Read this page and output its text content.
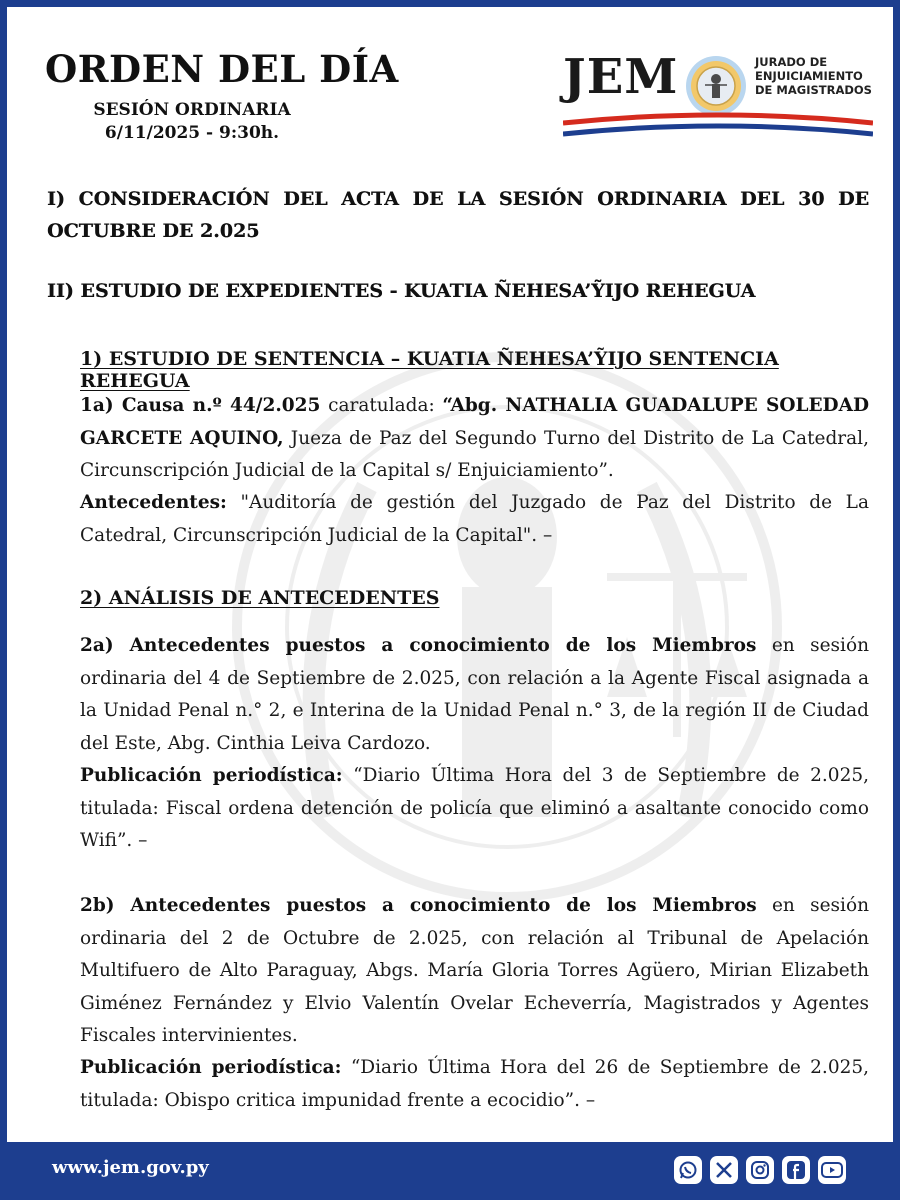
ORDEN DEL DÍA
SESIÓN ORDINARIA
6/11/2025 - 9:30h.
JEM	JURADO DE
ENJUICIAMIENTO
DE MAGISTRADOS
I) CONSIDERACIÓN DEL ACTA DE LA SESIÓN ORDINARIA DEL 30 DE OCTUBRE DE 2.025
II) ESTUDIO DE EXPEDIENTES - KUATIA ÑEHESA’ỸIJO REHEGUA
1) ESTUDIO DE SENTENCIA – KUATIA ÑEHESA’ỸIJO SENTENCIA REHEGUA
1a) Causa n.º 44/2.025 caratulada: “Abg. NATHALIA GUADALUPE SOLEDAD GARCETE AQUINO, Jueza de Paz del Segundo Turno del Distrito de La Catedral, Circunscripción Judicial de la Capital s/ Enjuiciamiento”.
Antecedentes: "Auditoría de gestión del Juzgado de Paz del Distrito de La Catedral, Circunscripción Judicial de la Capital". –
2) ANÁLISIS DE ANTECEDENTES
2a) Antecedentes puestos a conocimiento de los Miembros en sesión ordinaria del 4 de Septiembre de 2.025, con relación a la Agente Fiscal asignada a la Unidad Penal n.° 2, e Interina de la Unidad Penal n.° 3, de la región II de Ciudad del Este, Abg. Cinthia Leiva Cardozo.
Publicación periodística: “Diario Última Hora del 3 de Septiembre de 2.025, titulada: Fiscal ordena detención de policía que eliminó a asaltante conocido como Wifi”. –
2b) Antecedentes puestos a conocimiento de los Miembros en sesión ordinaria del 2 de Octubre de 2.025, con relación al Tribunal de Apelación Multifuero de Alto Paraguay, Abgs. María Gloria Torres Agüero, Mirian Elizabeth Giménez Fernández y Elvio Valentín Ovelar Echeverría, Magistrados y Agentes Fiscales intervinientes.
Publicación periodística: “Diario Última Hora del 26 de Septiembre de 2.025, titulada: Obispo critica impunidad frente a ecocidio”. –
www.jem.gov.py
